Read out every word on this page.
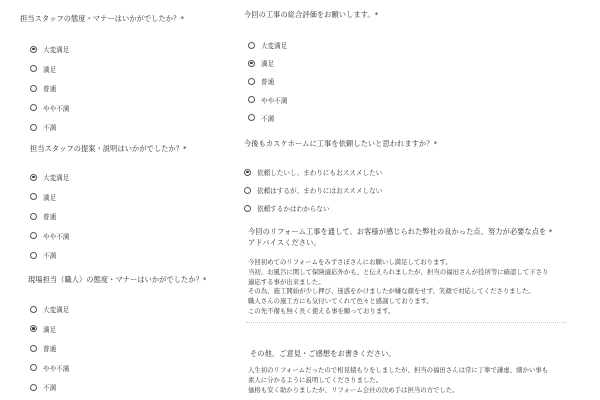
担当スタッフの態度・マナーはいかがでしたか？*
大変満足
満足
普通
やや不満
不満
担当スタッフの提案・説明はいかがでしたか？*
大変満足
満足
普通
やや不満
不満
現場担当（職人）の態度・マナーはいかがでしたか？*
大変満足
満足
普通
やや不満
不満
今回の工事の総合評価をお願いします。*
大変満足
満足
普通
やや不満
不満
今後もカスケホームに工事を依頼したいと思われますか？*
依頼したいし、まわりにもおススメしたい
依頼はするが、まわりにはおススメしない
依頼するかはわからない
今回のリフォーム工事を通して、お客様が感じられた弊社の良かった点、努力が必要な点を *
アドバイスください。
今回初めてのリフォームをみずさぽさんにお願いし満足しております。
当初、お風呂に関して保険適応外かも、と伝えられましたが、担当の福田さんが役所等に確認して下さり
適応する事が出来ました。
その為、施工開始が少し押び、迷惑をかけましたが嫌な顔をせず、笑顔で対応してくださりました。
職人さんの施工方にも気付いてくれて色々と感謝しております。
この先不備も無く長く使える事を願っております。
その他、ご意見・ご感想をお書きください。
人生初のリフォームだったので相見積もりをしましたが、担当の福田さんは常に丁寧で謙虚、細かい事も
素人に分かるように説明してくださりました。
価格も安く助かりましたが、リフォーム会社の決め手は担当の方でした。
